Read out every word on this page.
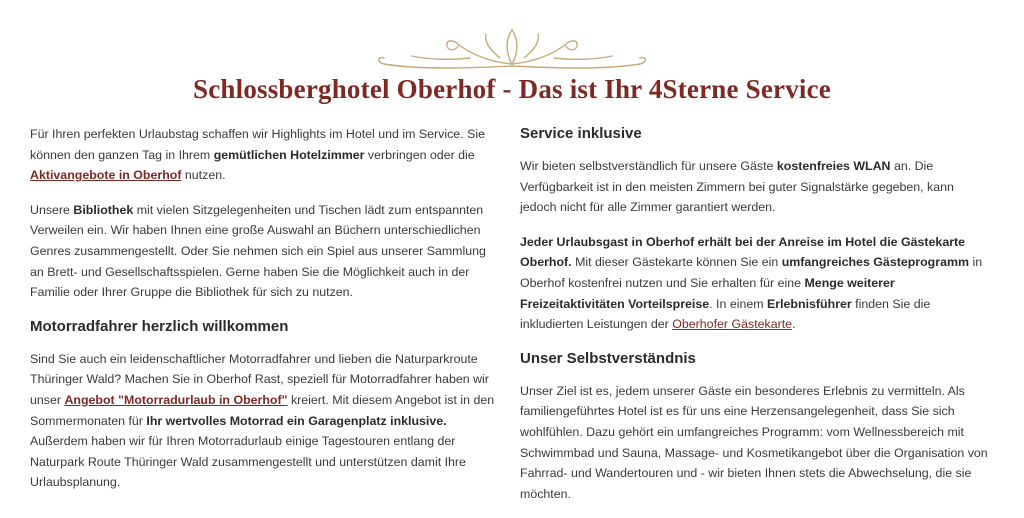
Schlossberghotel Oberhof - Das ist Ihr 4Sterne Service

Für Ihren perfekten Urlaubstag schaffen wir Highlights im Hotel und im Service. Sie können den ganzen Tag in Ihrem gemütlichen Hotelzimmer verbringen oder die Aktivangebote in Oberhof nutzen.

Unsere Bibliothek mit vielen Sitzgelegenheiten und Tischen lädt zum entspannten Verweilen ein. Wir haben Ihnen eine große Auswahl an Büchern unterschiedlichen Genres zusammengestellt. Oder Sie nehmen sich ein Spiel aus unserer Sammlung an Brett- und Gesellschaftsspielen. Gerne haben Sie die Möglichkeit auch in der Familie oder Ihrer Gruppe die Bibliothek für sich zu nutzen.

Motorradfahrer herzlich willkommen

Sind Sie auch ein leidenschaftlicher Motorradfahrer und lieben die Naturparkroute Thüringer Wald? Machen Sie in Oberhof Rast, speziell für Motorradfahrer haben wir unser Angebot "Motorradurlaub in Oberhof" kreiert. Mit diesem Angebot ist in den Sommermonaten für Ihr wertvolles Motorrad ein Garagenplatz inklusive.
Außerdem haben wir für Ihren Motorradurlaub einige Tagestouren entlang der Naturpark Route Thüringer Wald zusammengestellt und unterstützen damit Ihre Urlaubsplanung.

Service inklusive

Wir bieten selbstverständlich für unsere Gäste kostenfreies WLAN an. Die Verfügbarkeit ist in den meisten Zimmern bei guter Signalstärke gegeben, kann jedoch nicht für alle Zimmer garantiert werden.

Jeder Urlaubsgast in Oberhof erhält bei der Anreise im Hotel die Gästekarte Oberhof. Mit dieser Gästekarte können Sie ein umfangreiches Gästeprogramm in Oberhof kostenfrei nutzen und Sie erhalten für eine Menge weiterer Freizeitaktivitäten Vorteilspreise. In einem Erlebnisführer finden Sie die inkludierten Leistungen der Oberhofer Gästekarte.

Unser Selbstverständnis

Unser Ziel ist es, jedem unserer Gäste ein besonderes Erlebnis zu vermitteln. Als familiengeführtes Hotel ist es für uns eine Herzensangelegenheit, dass Sie sich wohlfühlen. Dazu gehört ein umfangreiches Programm: vom Wellnessbereich mit Schwimmbad und Sauna, Massage- und Kosmetikangebot über die Organisation von Fahrrad- und Wandertouren und - wir bieten Ihnen stets die Abwechselung, die sie möchten.
